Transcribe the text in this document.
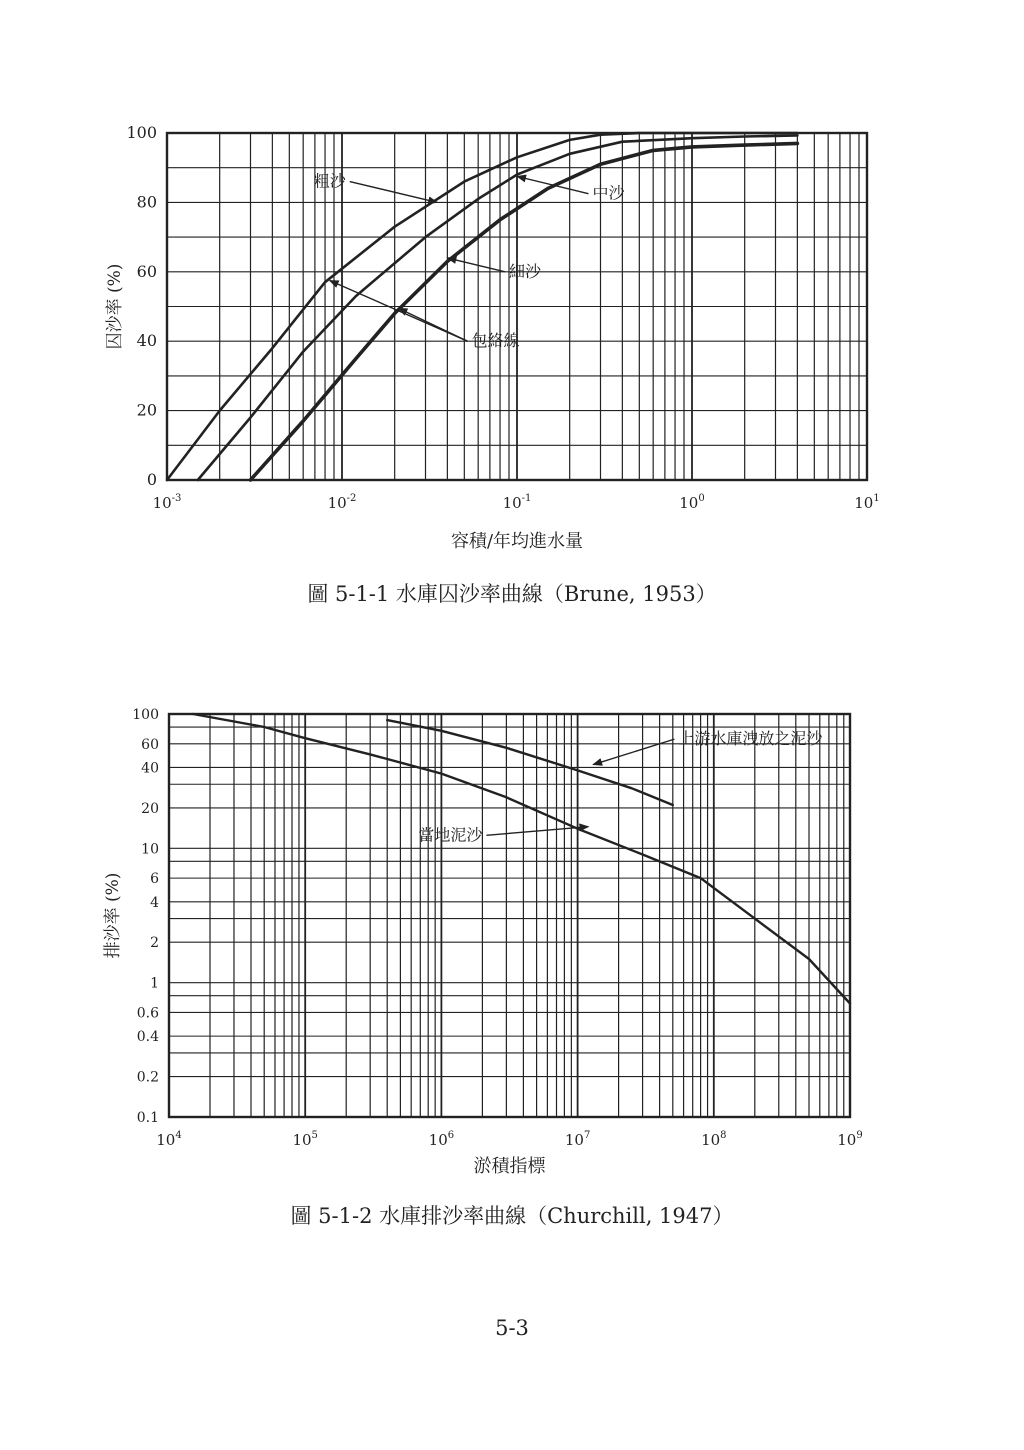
0
20
40
60
80
100
$10^{-3}$	$10^{-2}$	$10^{-1}$	$10^0$	$10^1$
容積/年均進水量
囚沙率 (%)
粗沙
中沙
細沙
包絡線
0.1
0.2
0.4
0.6
1
2
4
6
10
20
40
60
100
$10^4$	$10^5$	$10^6$	$10^7$	$10^8$	$10^9$
淤積指標
排沙率 (%)
上游水庫洩放之泥沙
當地泥沙

圖 5-1-1 水庫囚沙率曲線（Brune, 1953）

圖 5-1-2 水庫排沙率曲線（Churchill, 1947）

5-3
